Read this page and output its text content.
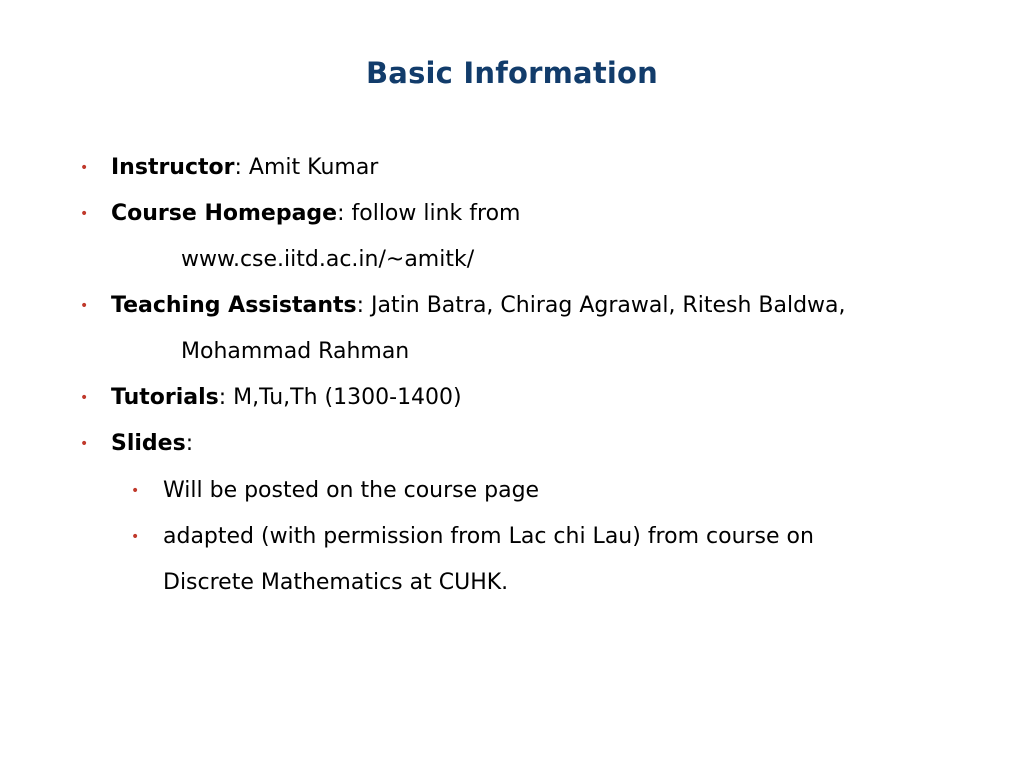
Basic Information
• Instructor: Amit Kumar
• Course Homepage: follow link from
www.cse.iitd.ac.in/~amitk/
• Teaching Assistants: Jatin Batra, Chirag Agrawal, Ritesh Baldwa,
Mohammad Rahman
• Tutorials: M,Tu,Th (1300-1400)
• Slides:
• Will be posted on the course page
• adapted (with permission from Lac chi Lau) from course on
Discrete Mathematics at CUHK.
